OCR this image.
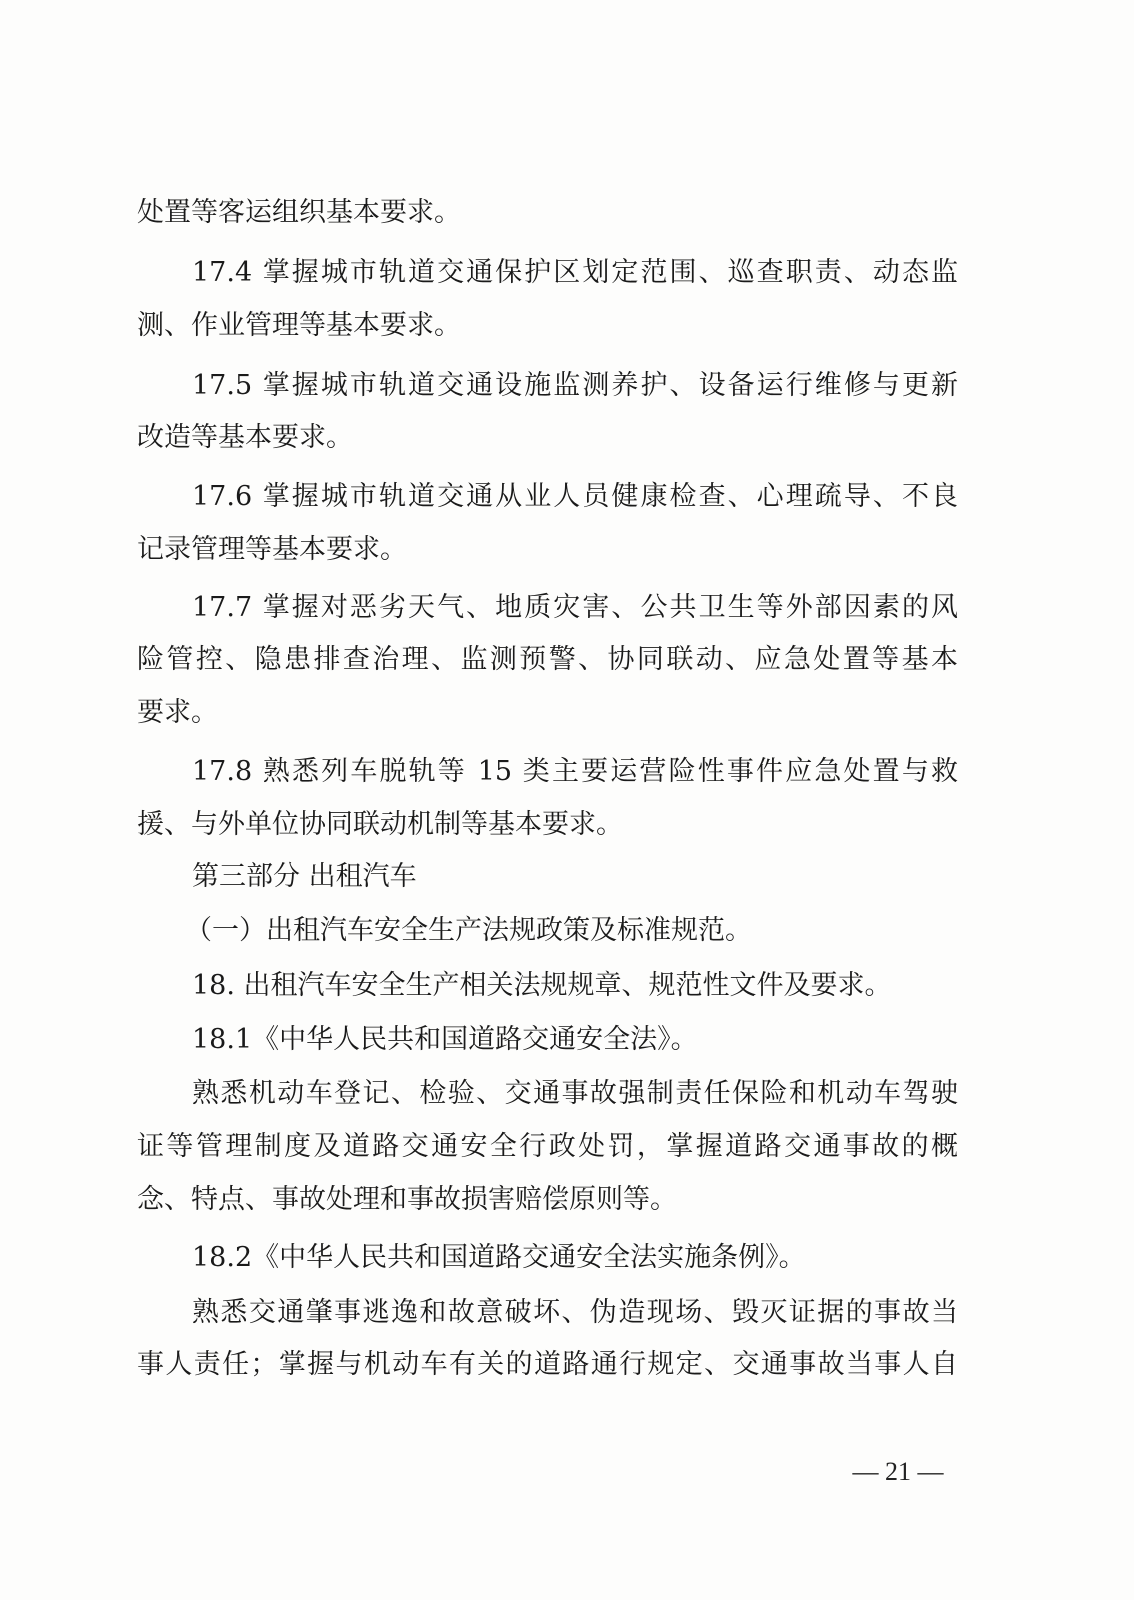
处置等客运组织基本要求。
17.4 掌握城市轨道交通保护区划定范围、巡查职责、动态监
测、作业管理等基本要求。
17.5 掌握城市轨道交通设施监测养护、设备运行维修与更新
改造等基本要求。
17.6 掌握城市轨道交通从业人员健康检查、心理疏导、不良
记录管理等基本要求。
17.7 掌握对恶劣天气、地质灾害、公共卫生等外部因素的风
险管控、隐患排查治理、监测预警、协同联动、应急处置等基本
要求。
17.8 熟悉列车脱轨等 15 类主要运营险性事件应急处置与救
援、与外单位协同联动机制等基本要求。
第三部分 出租汽车
（一）出租汽车安全生产法规政策及标准规范。
18. 出租汽车安全生产相关法规规章、规范性文件及要求。
18.1《中华人民共和国道路交通安全法》。
熟悉机动车登记、检验、交通事故强制责任保险和机动车驾驶
证等管理制度及道路交通安全行政处罚，掌握道路交通事故的概
念、特点、事故处理和事故损害赔偿原则等。
18.2《中华人民共和国道路交通安全法实施条例》。
熟悉交通肇事逃逸和故意破坏、伪造现场、毁灭证据的事故当
事人责任；掌握与机动车有关的道路通行规定、交通事故当事人自
— 21 —
